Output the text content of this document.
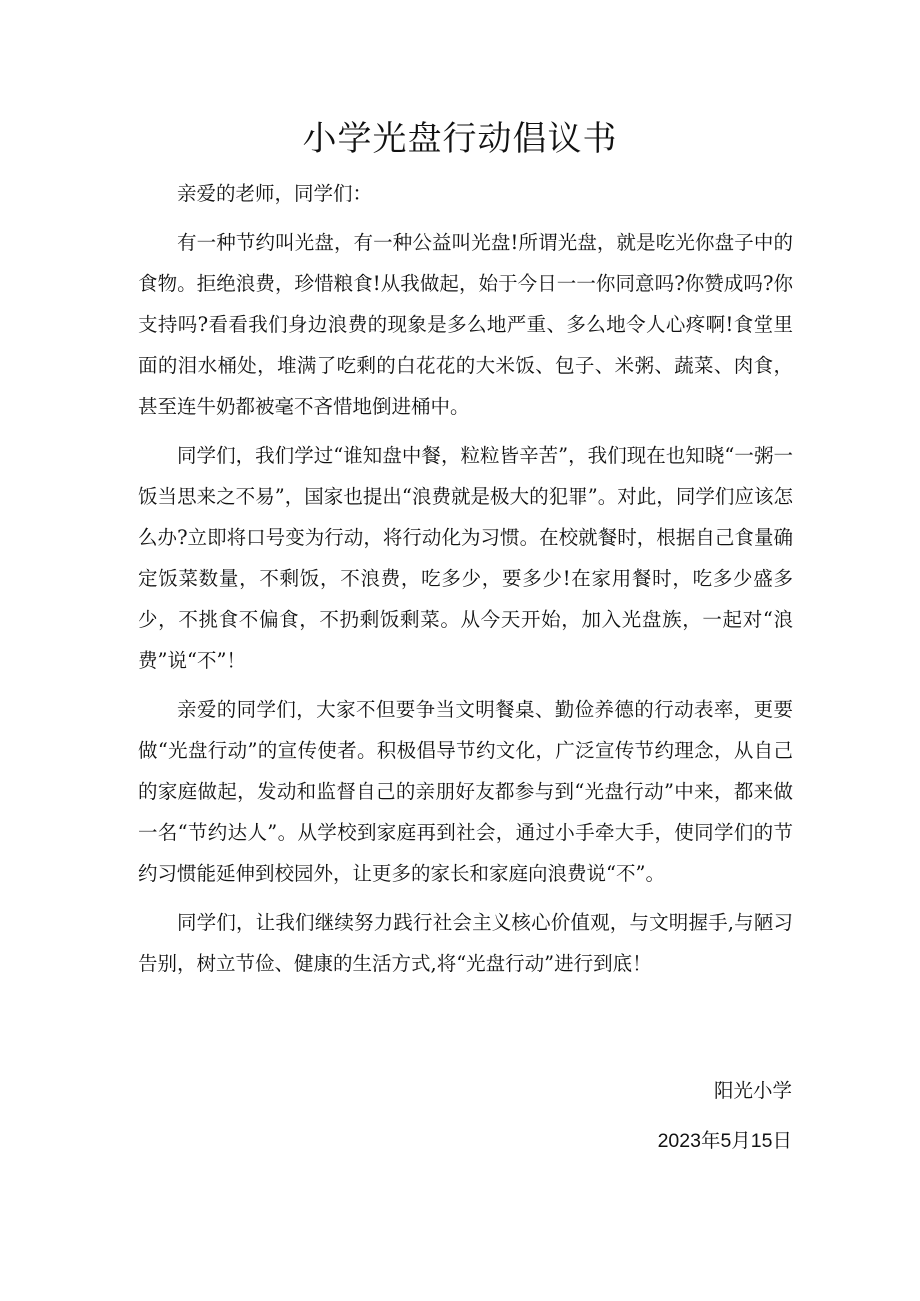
小学光盘行动倡议书

亲爱的老师，同学们：

有一种节约叫光盘，有一种公益叫光盘!所谓光盘，就是吃光你盘子中的食物。拒绝浪费，珍惜粮食!从我做起，始于今日一一你同意吗?你赞成吗?你支持吗?看看我们身边浪费的现象是多么地严重、多么地令人心疼啊!食堂里面的泪水桶处，堆满了吃剩的白花花的大米饭、包子、米粥、蔬菜、肉食，甚至连牛奶都被毫不吝惜地倒进桶中。

同学们，我们学过“谁知盘中餐，粒粒皆辛苦”，我们现在也知晓“一粥一饭当思来之不易”，国家也提出“浪费就是极大的犯罪”。对此，同学们应该怎么办?立即将口号变为行动，将行动化为习惯。在校就餐时，根据自己食量确定饭菜数量，不剩饭，不浪费，吃多少，要多少!在家用餐时，吃多少盛多少，不挑食不偏食，不扔剩饭剩菜。从今天开始，加入光盘族，一起对“浪费”说“不”！

亲爱的同学们，大家不但要争当文明餐桌、勤俭养德的行动表率，更要做“光盘行动”的宣传使者。积极倡导节约文化，广泛宣传节约理念，从自己的家庭做起，发动和监督自己的亲朋好友都参与到“光盘行动”中来，都来做一名“节约达人”。从学校到家庭再到社会，通过小手牵大手，使同学们的节约习惯能延伸到校园外，让更多的家长和家庭向浪费说“不”。

同学们，让我们继续努力践行社会主义核心价值观，与文明握手,与陋习告别，树立节俭、健康的生活方式,将“光盘行动”进行到底！

阳光小学
2023年5月15日
